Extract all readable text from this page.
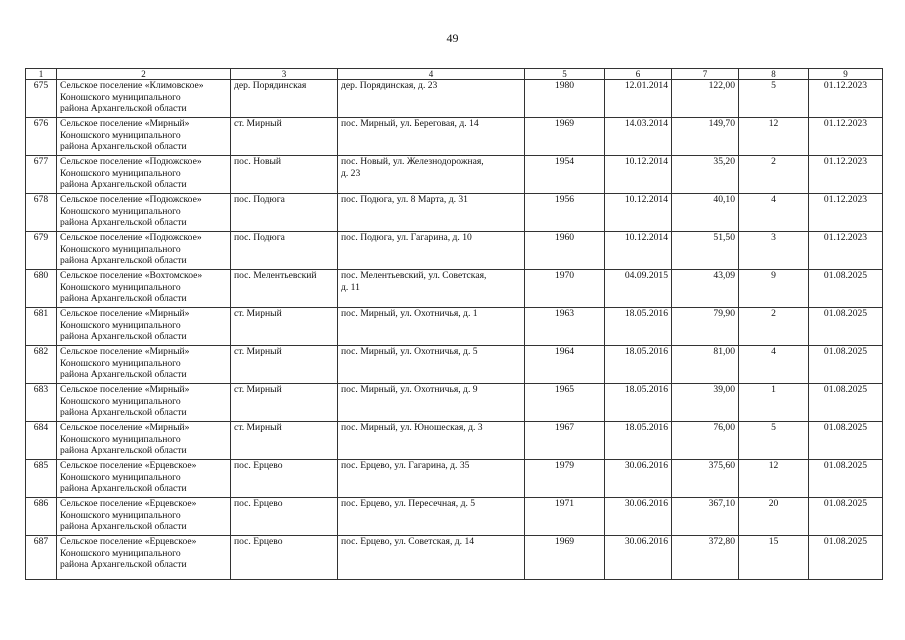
49
1	2	3	4	5	6	7	8	9
675	Сельское поселение «Климовское»
Коношского муниципального
района Архангельской области	дер. Порядинская	дер. Порядинская, д. 23	1980	12.01.2014	122,00	5	01.12.2023
676	Сельское поселение «Мирный»
Коношского муниципального
района Архангельской области	ст. Мирный	пос. Мирный, ул. Береговая, д. 14	1969	14.03.2014	149,70	12	01.12.2023
677	Сельское поселение «Подюжское»
Коношского муниципального
района Архангельской области	пос. Новый	пос. Новый, ул. Железнодорожная,
д. 23	1954	10.12.2014	35,20	2	01.12.2023
678	Сельское поселение «Подюжское»
Коношского муниципального
района Архангельской области	пос. Подюга	пос. Подюга, ул. 8 Марта, д. 31	1956	10.12.2014	40,10	4	01.12.2023
679	Сельское поселение «Подюжское»
Коношского муниципального
района Архангельской области	пос. Подюга	пос. Подюга, ул. Гагарина, д. 10	1960	10.12.2014	51,50	3	01.12.2023
680	Сельское поселение «Вохтомское»
Коношского муниципального
района Архангельской области	пос. Мелентьевский	пос. Мелентьевский, ул. Советская,
д. 11	1970	04.09.2015	43,09	9	01.08.2025
681	Сельское поселение «Мирный»
Коношского муниципального
района Архангельской области	ст. Мирный	пос. Мирный, ул. Охотничья, д. 1	1963	18.05.2016	79,90	2	01.08.2025
682	Сельское поселение «Мирный»
Коношского муниципального
района Архангельской области	ст. Мирный	пос. Мирный, ул. Охотничья, д. 5	1964	18.05.2016	81,00	4	01.08.2025
683	Сельское поселение «Мирный»
Коношского муниципального
района Архангельской области	ст. Мирный	пос. Мирный, ул. Охотничья, д. 9	1965	18.05.2016	39,00	1	01.08.2025
684	Сельское поселение «Мирный»
Коношского муниципального
района Архангельской области	ст. Мирный	пос. Мирный, ул. Юношеская, д. 3	1967	18.05.2016	76,00	5	01.08.2025
685	Сельское поселение «Ерцевское»
Коношского муниципального
района Архангельской области	пос. Ерцево	пос. Ерцево, ул. Гагарина, д. 35	1979	30.06.2016	375,60	12	01.08.2025
686	Сельское поселение «Ерцевское»
Коношского муниципального
района Архангельской области	пос. Ерцево	пос. Ерцево, ул. Пересечная, д. 5	1971	30.06.2016	367,10	20	01.08.2025
687	Сельское поселение «Ерцевское»
Коношского муниципального
района Архангельской области	пос. Ерцево	пос. Ерцево, ул. Советская, д. 14	1969	30.06.2016	372,80	15	01.08.2025
